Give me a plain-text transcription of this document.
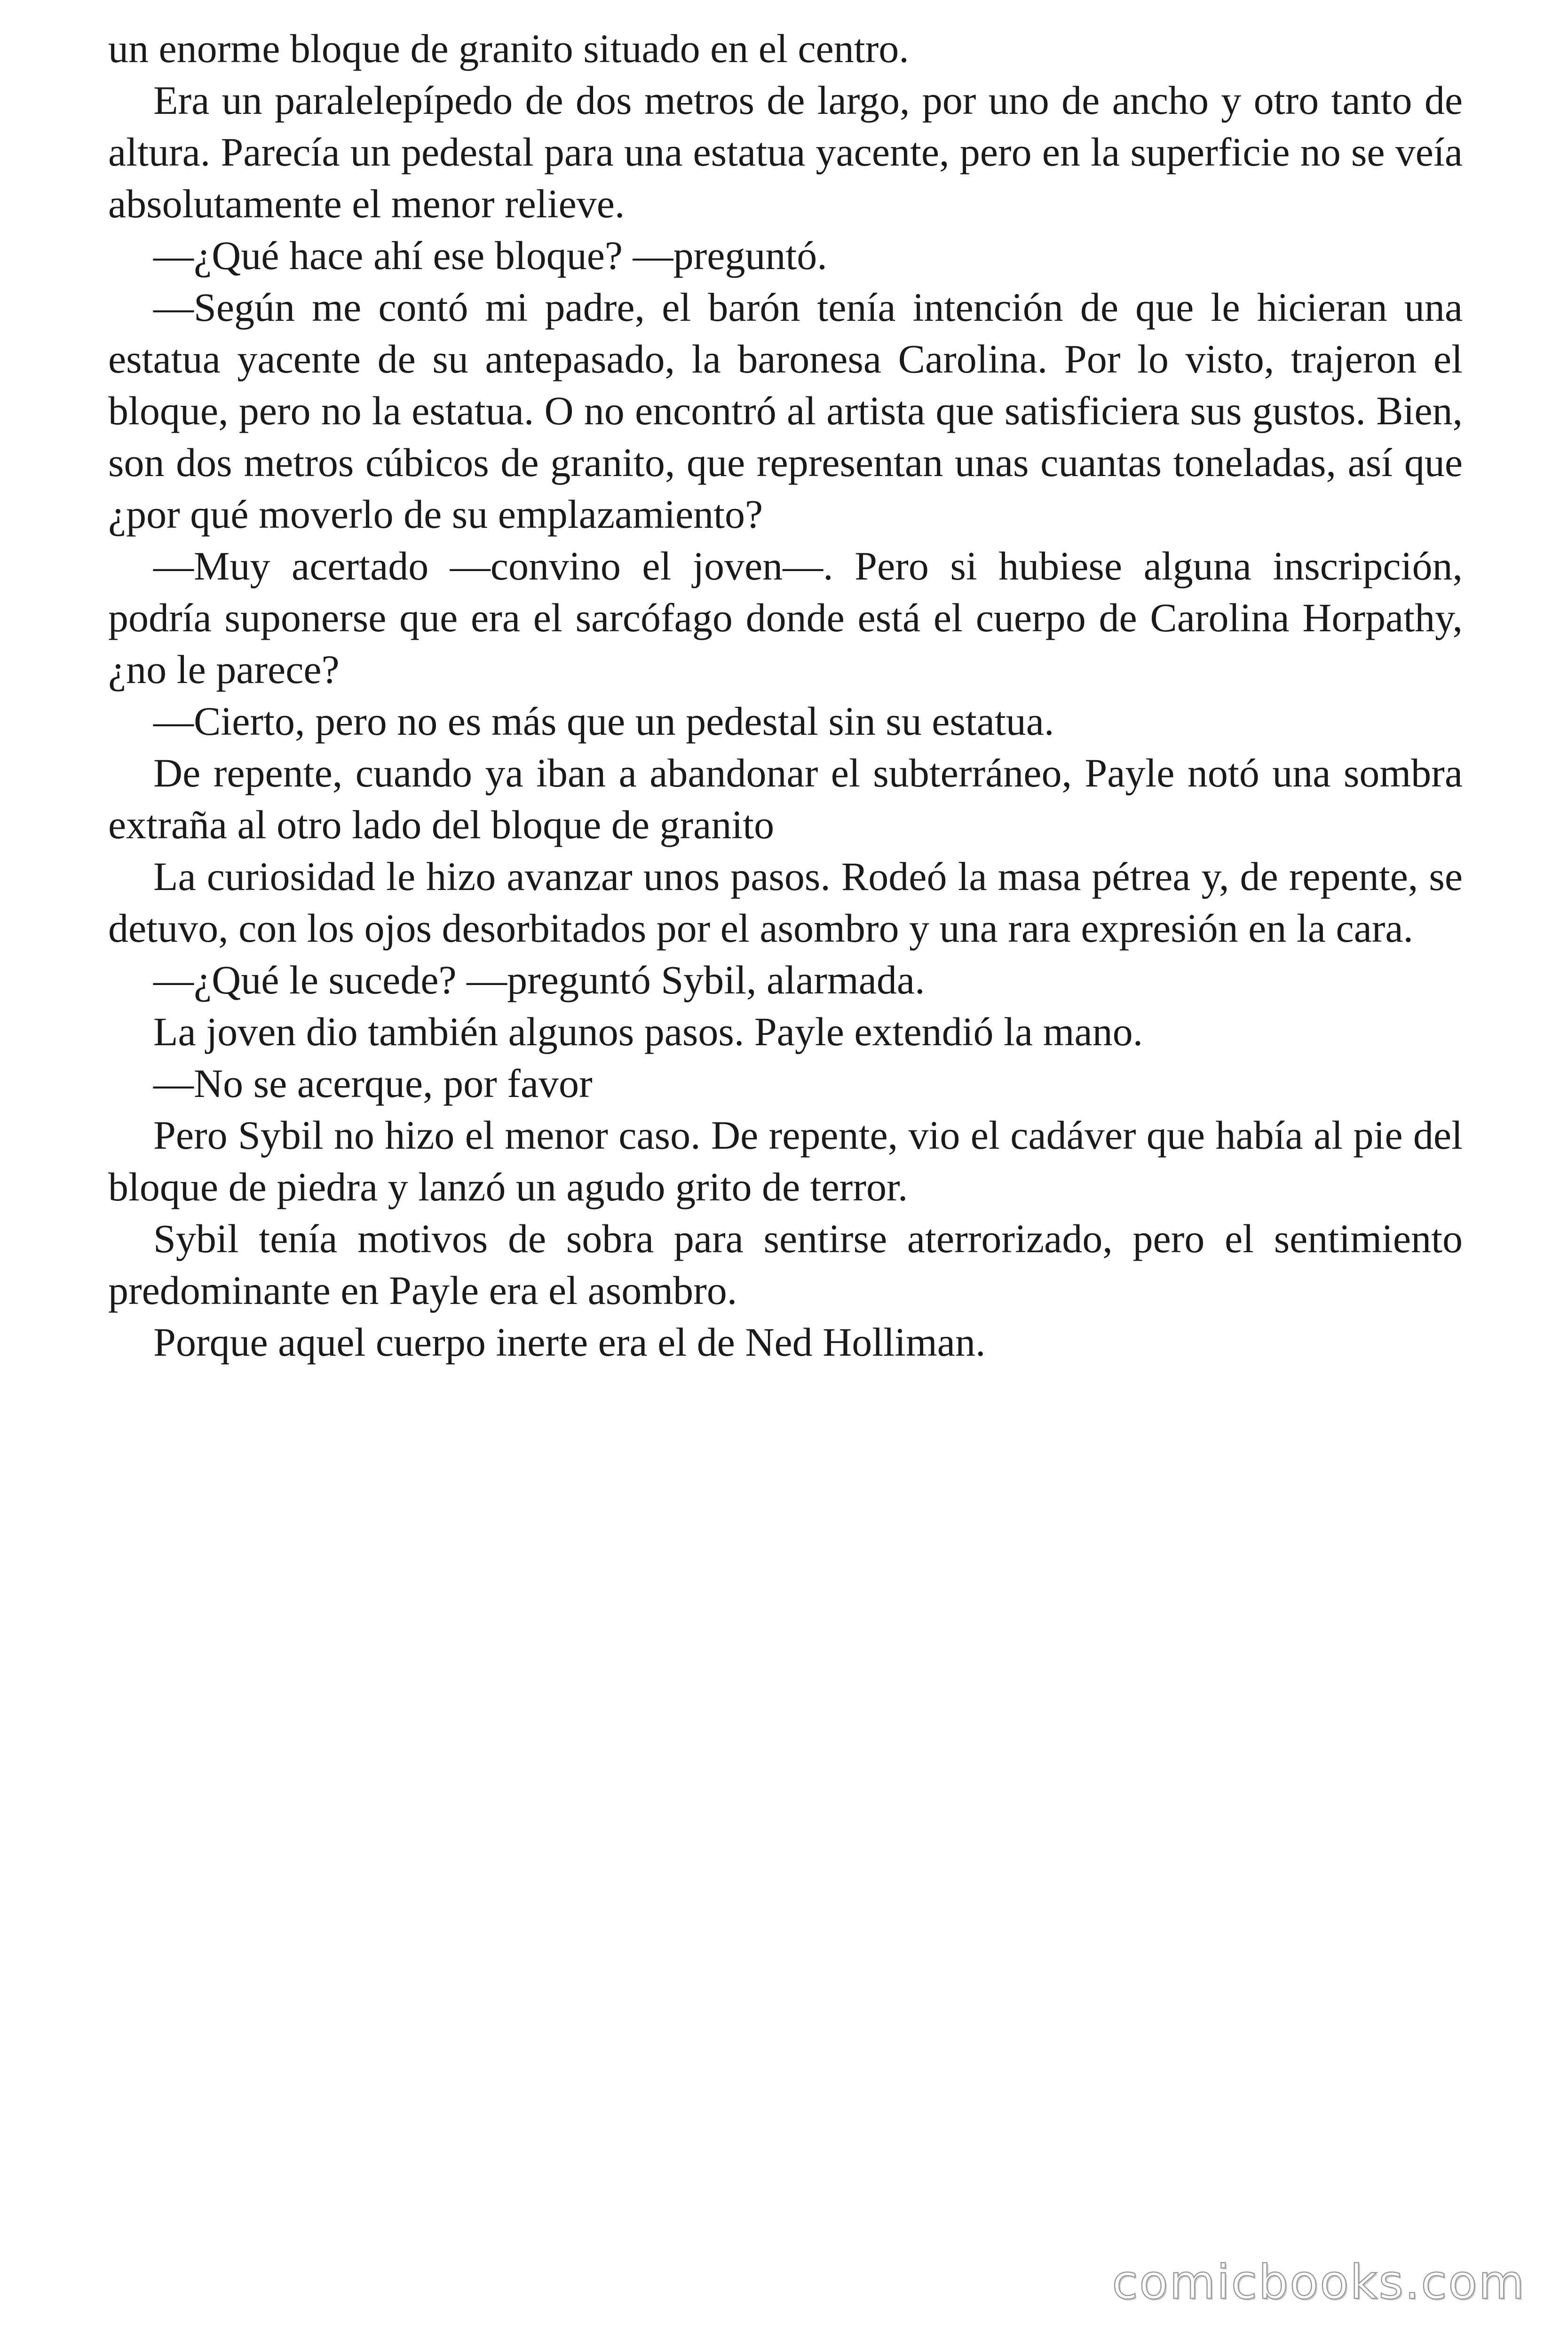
un enorme bloque de granito situado en el centro.

Era un paralelepípedo de dos metros de largo, por uno de ancho y otro tanto de altura. Parecía un pedestal para una estatua yacente, pero en la superficie no se veía absolutamente el menor relieve.

—¿Qué hace ahí ese bloque? —preguntó.

—Según me contó mi padre, el barón tenía intención de que le hicieran una estatua yacente de su antepasado, la baronesa Carolina. Por lo visto, trajeron el bloque, pero no la estatua. O no encontró al artista que satisficiera sus gustos. Bien, son dos metros cúbicos de granito, que representan unas cuantas toneladas, así que ¿por qué moverlo de su emplazamiento?

—Muy acertado —convino el joven—. Pero si hubiese alguna inscripción, podría suponerse que era el sarcófago donde está el cuerpo de Carolina Horpathy, ¿no le parece?

—Cierto, pero no es más que un pedestal sin su estatua.

De repente, cuando ya iban a abandonar el subterráneo, Payle notó una sombra extraña al otro lado del bloque de granito

La curiosidad le hizo avanzar unos pasos. Rodeó la masa pétrea y, de repente, se detuvo, con los ojos desorbitados por el asombro y una rara expresión en la cara.

—¿Qué le sucede? —preguntó Sybil, alarmada.

La joven dio también algunos pasos. Payle extendió la mano.

—No se acerque, por favor

Pero Sybil no hizo el menor caso. De repente, vio el cadáver que había al pie del bloque de piedra y lanzó un agudo grito de terror.

Sybil tenía motivos de sobra para sentirse aterrorizado, pero el sentimiento predominante en Payle era el asombro.

Porque aquel cuerpo inerte era el de Ned Holliman.

comicbooks.com
